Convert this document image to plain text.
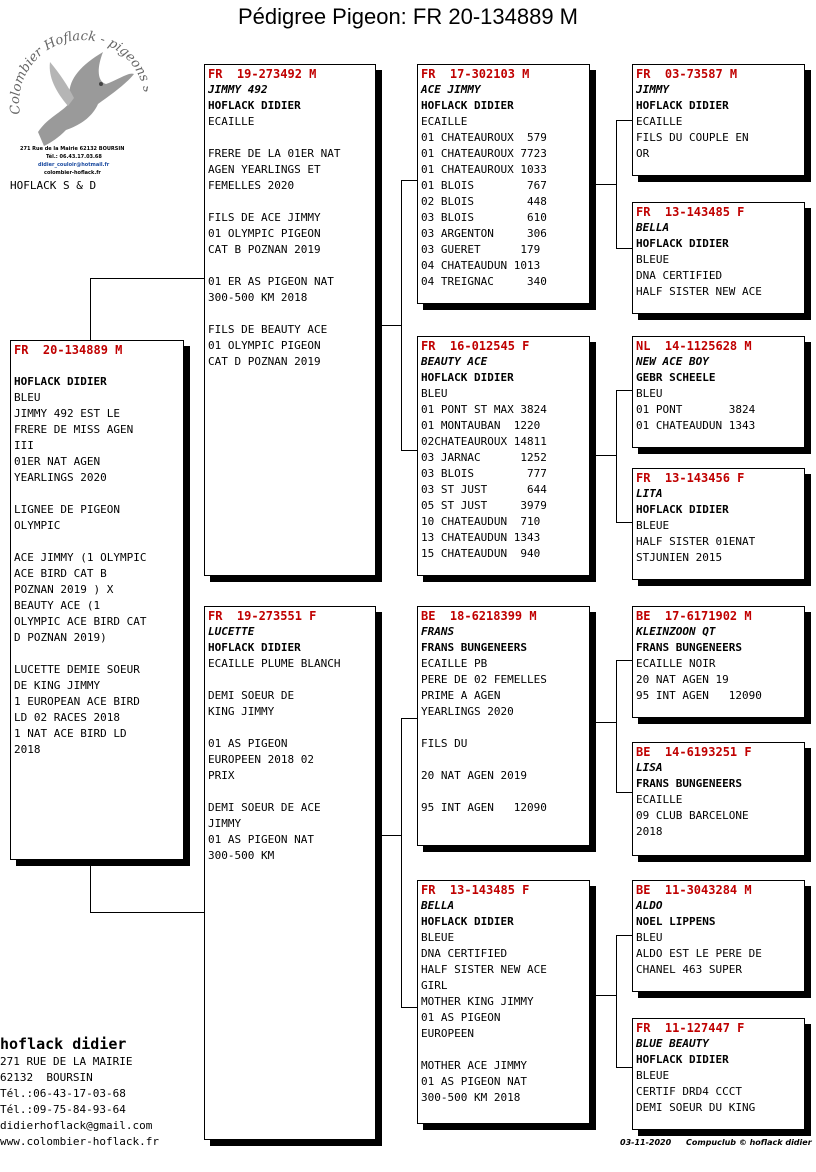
Pédigree Pigeon: FR 20-134889 M
Colombier Hoflack - pigeon
271 Rue de la Mairie 62132 BOURSIN
Tél.: 06.43.17.03.68
didier_couloir@hotmail.fr
colombier-hoflack.fr
HOFLACK S & D
FR  20-134889 M
HOFLACK DIDIER
BLEU
JIMMY 492 EST LE
FRERE DE MISS AGEN
III
01ER NAT AGEN
YEARLINGS 2020
LIGNEE DE PIGEON
OLYMPIC
ACE JIMMY (1 OLYMPIC
ACE BIRD CAT B
POZNAN 2019 ) X
BEAUTY ACE (1
OLYMPIC ACE BIRD CAT
D POZNAN 2019)
LUCETTE DEMIE SOEUR
DE KING JIMMY
1 EUROPEAN ACE BIRD
LD 02 RACES 2018
1 NAT ACE BIRD LD
2018
FR  19-273492 M
JIMMY 492
HOFLACK DIDIER
ECAILLE
FRERE DE LA 01ER NAT
AGEN YEARLINGS ET
FEMELLES 2020
FILS DE ACE JIMMY
01 OLYMPIC PIGEON
CAT B POZNAN 2019
01 ER AS PIGEON NAT
300-500 KM 2018
FILS DE BEAUTY ACE
01 OLYMPIC PIGEON
CAT D POZNAN 2019
FR  19-273551 F
LUCETTE
HOFLACK DIDIER
ECAILLE PLUME BLANCH
DEMI SOEUR DE
KING JIMMY
01 AS PIGEON
EUROPEEN 2018 02
PRIX
DEMI SOEUR DE ACE
JIMMY
01 AS PIGEON NAT
300-500 KM
FR  17-302103 M
ACE JIMMY
HOFLACK DIDIER
ECAILLE
01 CHATEAUROUX  579
01 CHATEAUROUX 7723
01 CHATEAUROUX 1033
01 BLOIS        767
02 BLOIS        448
03 BLOIS        610
03 ARGENTON     306
03 GUERET      179
04 CHATEAUDUN 1013
04 TREIGNAC     340
FR  16-012545 F
BEAUTY ACE
HOFLACK DIDIER
BLEU
01 PONT ST MAX 3824
01 MONTAUBAN  1220
02CHATEAUROUX 14811
03 JARNAC      1252
03 BLOIS        777
03 ST JUST      644
05 ST JUST     3979
10 CHATEAUDUN  710
13 CHATEAUDUN 1343
15 CHATEAUDUN  940
BE  18-6218399 M
FRANS
FRANS BUNGENEERS
ECAILLE PB
PERE DE 02 FEMELLES
PRIME A AGEN
YEARLINGS 2020
FILS DU
20 NAT AGEN 2019
95 INT AGEN   12090
FR  13-143485 F
BELLA
HOFLACK DIDIER
BLEUE
DNA CERTIFIED
HALF SISTER NEW ACE
GIRL
MOTHER KING JIMMY
01 AS PIGEON
EUROPEEN
MOTHER ACE JIMMY
01 AS PIGEON NAT
300-500 KM 2018
FR  03-73587 M
JIMMY
HOFLACK DIDIER
ECAILLE
FILS DU COUPLE EN
OR
FR  13-143485 F
BELLA
HOFLACK DIDIER
BLEUE
DNA CERTIFIED
HALF SISTER NEW ACE
NL  14-1125628 M
NEW ACE BOY
GEBR SCHEELE
BLEU
01 PONT       3824
01 CHATEAUDUN 1343
FR  13-143456 F
LITA
HOFLACK DIDIER
BLEUE
HALF SISTER 01ENAT
STJUNIEN 2015
BE  17-6171902 M
KLEINZOON QT
FRANS BUNGENEERS
ECAILLE NOIR
20 NAT AGEN 19
95 INT AGEN   12090
BE  14-6193251 F
LISA
FRANS BUNGENEERS
ECAILLE
09 CLUB BARCELONE
2018
BE  11-3043284 M
ALDO
NOEL LIPPENS
BLEU
ALDO EST LE PERE DE
CHANEL 463 SUPER
FR  11-127447 F
BLUE BEAUTY
HOFLACK DIDIER
BLEUE
CERTIF DRD4 CCCT
DEMI SOEUR DU KING
hoflack didier
271 RUE DE LA MAIRIE
62132  BOURSIN
Tél.:06-43-17-03-68
Tél.:09-75-84-93-64
didierhoflack@gmail.com
www.colombier-hoflack.fr	03-11-2020 Compuclub © hoflack didier
